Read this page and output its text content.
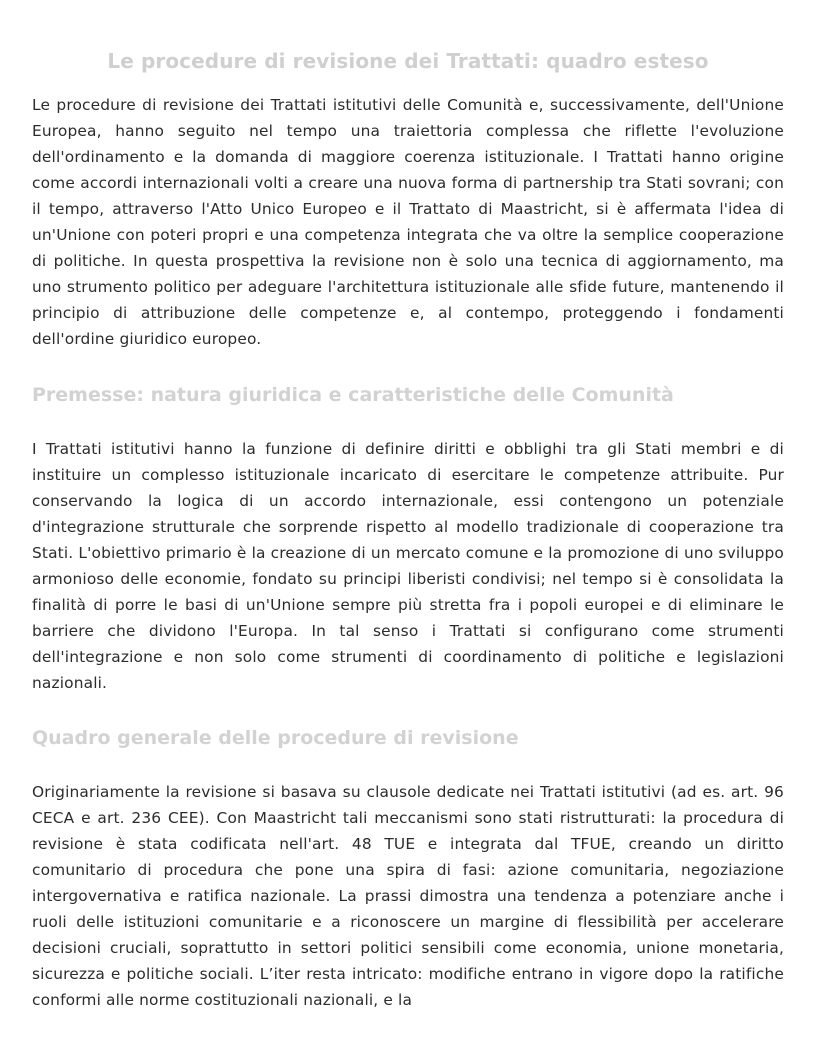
Le procedure di revisione dei Trattati: quadro esteso

Le procedure di revisione dei Trattati istitutivi delle Comunità e, successivamente, dell'Unione Europea, hanno seguito nel tempo una traiettoria complessa che riflette l'evoluzione dell'ordinamento e la domanda di maggiore coerenza istituzionale. I Trattati hanno origine come accordi internazionali volti a creare una nuova forma di partnership tra Stati sovrani; con il tempo, attraverso l'Atto Unico Europeo e il Trattato di Maastricht, si è affermata l'idea di un'Unione con poteri propri e una competenza integrata che va oltre la semplice cooperazione di politiche. In questa prospettiva la revisione non è solo una tecnica di aggiornamento, ma uno strumento politico per adeguare l'architettura istituzionale alle sfide future, mantenendo il principio di attribuzione delle competenze e, al contempo, proteggendo i fondamenti dell'ordine giuridico europeo.

Premesse: natura giuridica e caratteristiche delle Comunità

I Trattati istitutivi hanno la funzione di definire diritti e obblighi tra gli Stati membri e di instituire un complesso istituzionale incaricato di esercitare le competenze attribuite. Pur conservando la logica di un accordo internazionale, essi contengono un potenziale d'integrazione strutturale che sorprende rispetto al modello tradizionale di cooperazione tra Stati. L'obiettivo primario è la creazione di un mercato comune e la promozione di uno sviluppo armonioso delle economie, fondato su principi liberisti condivisi; nel tempo si è consolidata la finalità di porre le basi di un'Unione sempre più stretta fra i popoli europei e di eliminare le barriere che dividono l'Europa. In tal senso i Trattati si configurano come strumenti dell'integrazione e non solo come strumenti di coordinamento di politiche e legislazioni nazionali.

Quadro generale delle procedure di revisione

Originariamente la revisione si basava su clausole dedicate nei Trattati istitutivi (ad es. art. 96 CECA e art. 236 CEE). Con Maastricht tali meccanismi sono stati ristrutturati: la procedura di revisione è stata codificata nell'art. 48 TUE e integrata dal TFUE, creando un diritto comunitario di procedura che pone una spira di fasi: azione comunitaria, negoziazione intergovernativa e ratifica nazionale. La prassi dimostra una tendenza a potenziare anche i ruoli delle istituzioni comunitarie e a riconoscere un margine di flessibilità per accelerare decisioni cruciali, soprattutto in settori politici sensibili come economia, unione monetaria, sicurezza e politiche sociali. L’iter resta intricato: modifiche entrano in vigore dopo la ratifiche conformi alle norme costituzionali nazionali, e la
